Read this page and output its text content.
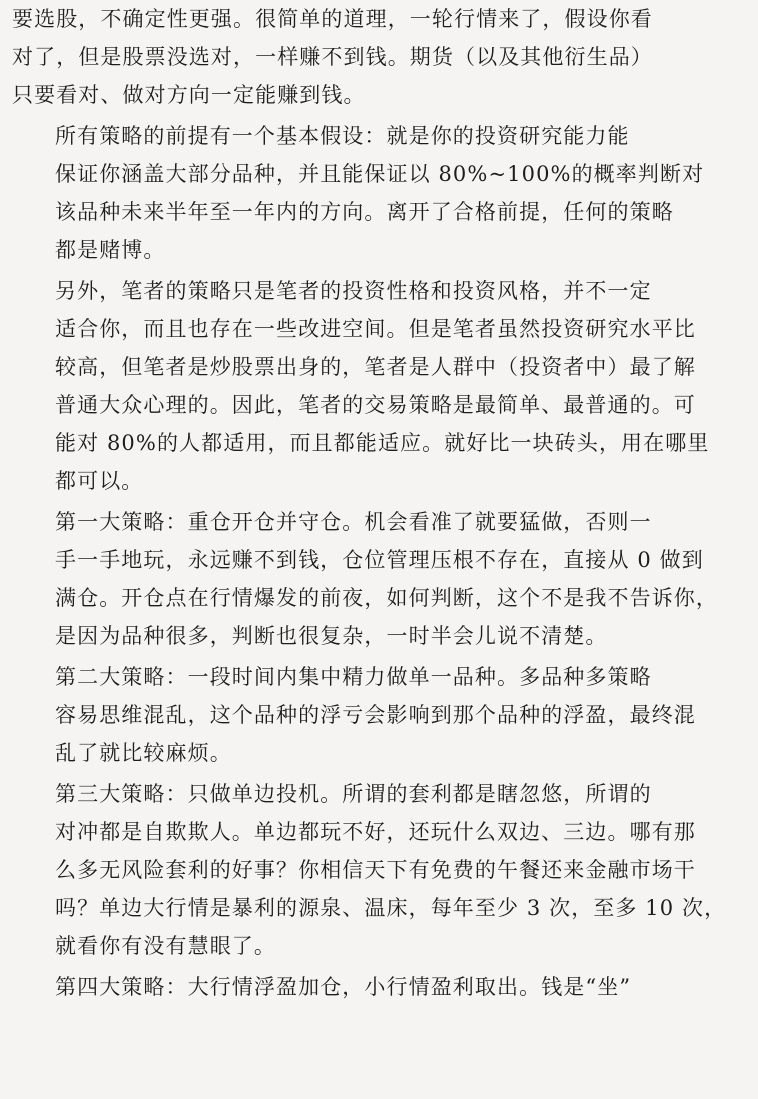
要选股，不确定性更强。很简单的道理，一轮行情来了，假设你看
对了，但是股票没选对，一样赚不到钱。期货（以及其他衍生品）
只要看对、做对方向一定能赚到钱。

所有策略的前提有一个基本假设：就是你的投资研究能力能
保证你涵盖大部分品种，并且能保证以 80%~100%的概率判断对
该品种未来半年至一年内的方向。离开了合格前提，任何的策略
都是赌博。

另外，笔者的策略只是笔者的投资性格和投资风格，并不一定
适合你，而且也存在一些改进空间。但是笔者虽然投资研究水平比
较高，但笔者是炒股票出身的，笔者是人群中（投资者中）最了解
普通大众心理的。因此，笔者的交易策略是最简单、最普通的。可
能对 80%的人都适用，而且都能适应。就好比一块砖头，用在哪里
都可以。

第一大策略：重仓开仓并守仓。机会看准了就要猛做，否则一
手一手地玩，永远赚不到钱，仓位管理压根不存在，直接从 0 做到
满仓。开仓点在行情爆发的前夜，如何判断，这个不是我不告诉你，
是因为品种很多，判断也很复杂，一时半会儿说不清楚。

第二大策略：一段时间内集中精力做单一品种。多品种多策略
容易思维混乱，这个品种的浮亏会影响到那个品种的浮盈，最终混
乱了就比较麻烦。

第三大策略：只做单边投机。所谓的套利都是瞎忽悠，所谓的
对冲都是自欺欺人。单边都玩不好，还玩什么双边、三边。哪有那
么多无风险套利的好事？你相信天下有免费的午餐还来金融市场干
吗？单边大行情是暴利的源泉、温床，每年至少 3 次，至多 10 次，
就看你有没有慧眼了。

第四大策略：大行情浮盈加仓，小行情盈利取出。钱是“坐”
